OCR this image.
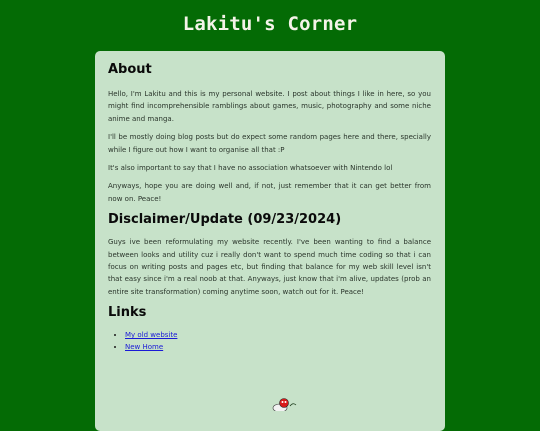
Lakitu's Corner
About

Hello, I'm Lakitu and this is my personal website. I post about things I like in here, so you might find incomprehensible ramblings about games, music, photography and some niche anime and manga.

I'll be mostly doing blog posts but do expect some random pages here and there, specially while I figure out how I want to organise all that :P

It's also important to say that I have no association whatsoever with Nintendo lol

Anyways, hope you are doing well and, if not, just remember that it can get better from now on. Peace!

Disclaimer/Update (09/23/2024)

Guys ive been reformulating my website recently. I've been wanting to find a balance between looks and utility cuz i really don't want to spend much time coding so that i can focus on writing posts and pages etc, but finding that balance for my web skill level isn't that easy since i'm a real noob at that. Anyways, just know that i'm alive, updates (prob an entire site transformation) coming anytime soon, watch out for it. Peace!

Links
• My old website
• New Home
